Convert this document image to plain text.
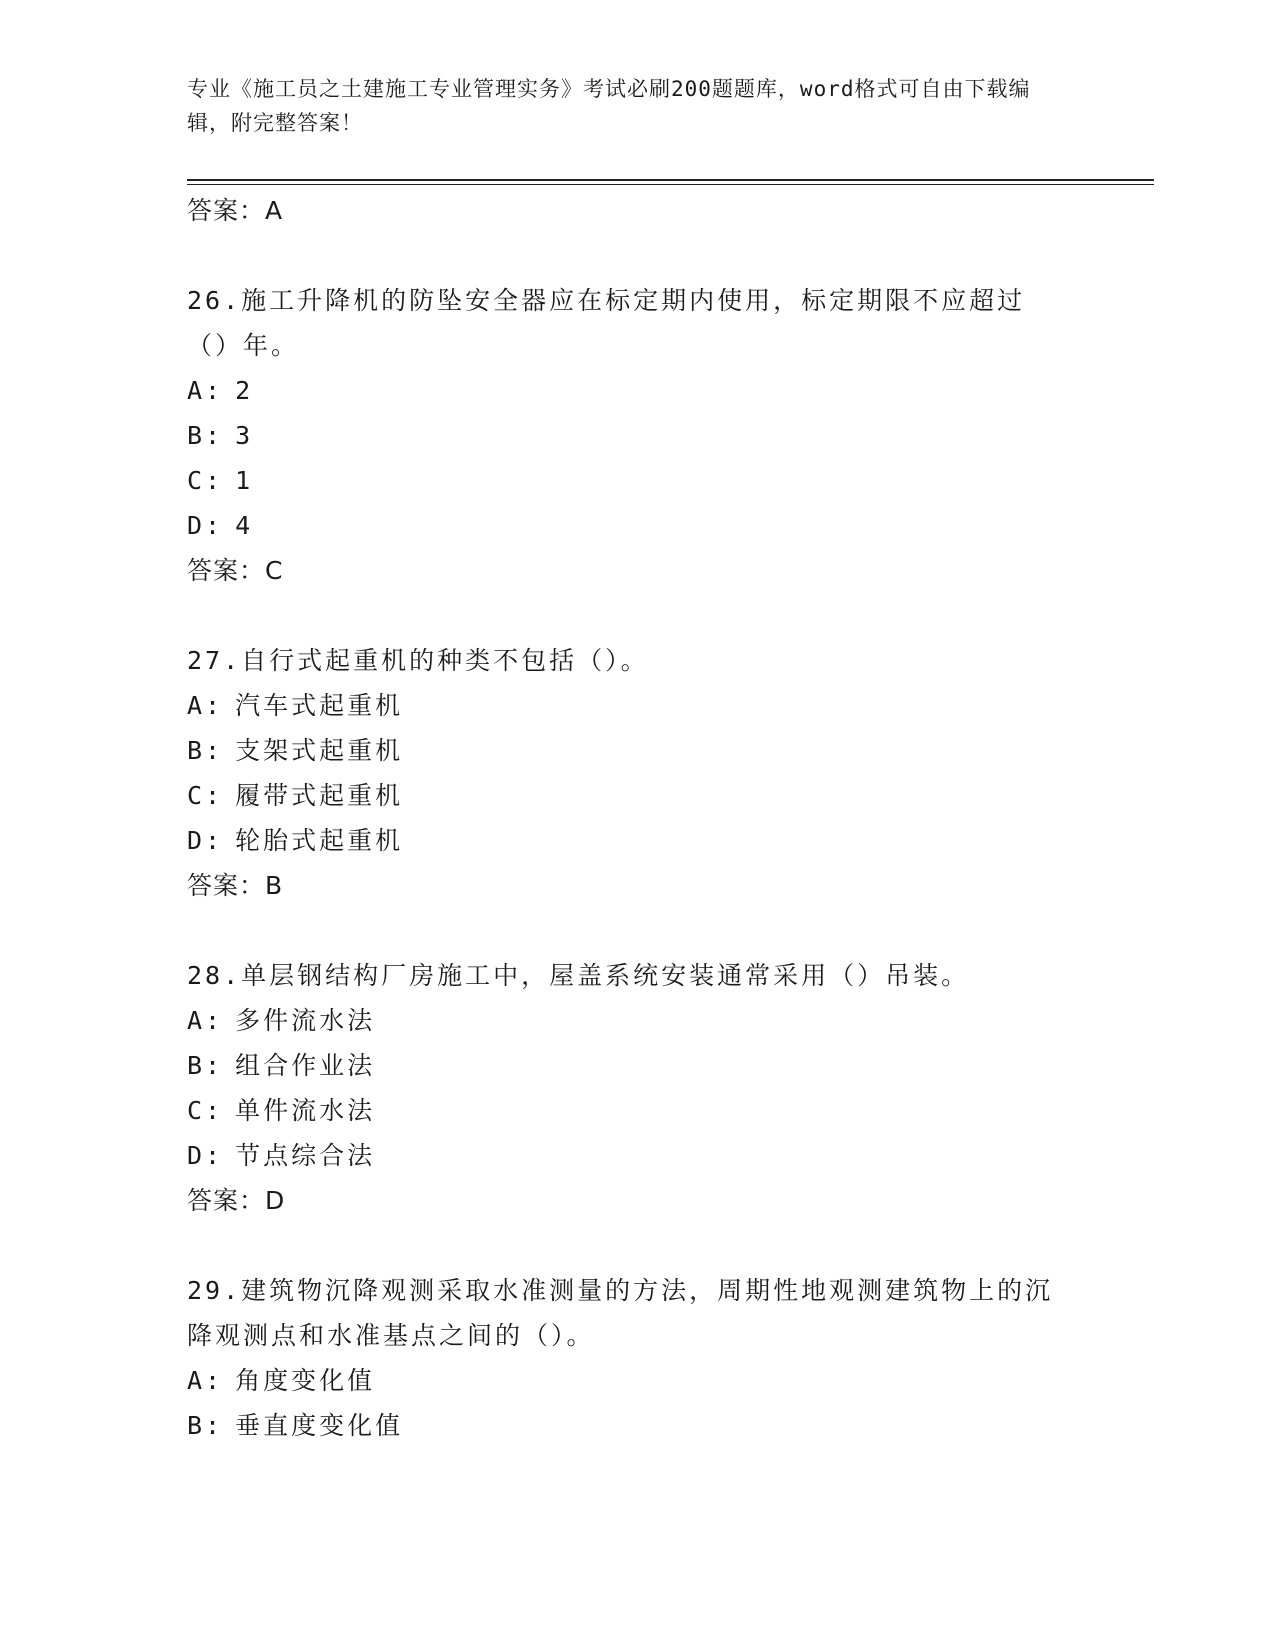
专业《施工员之土建施工专业管理实务》考试必刷200题题库，word格式可自由下载编辑，附完整答案！
答案：A
26.施工升降机的防坠安全器应在标定期内使用，标定期限不应超过（）年。
A: 2
B: 3
C: 1
D: 4
答案：C
27.自行式起重机的种类不包括（）。
A: 汽车式起重机
B: 支架式起重机
C: 履带式起重机
D: 轮胎式起重机
答案：B
28.单层钢结构厂房施工中，屋盖系统安装通常采用（）吊装。
A: 多件流水法
B: 组合作业法
C: 单件流水法
D: 节点综合法
答案：D
29.建筑物沉降观测采取水准测量的方法，周期性地观测建筑物上的沉降观测点和水准基点之间的（）。
A: 角度变化值
B: 垂直度变化值
